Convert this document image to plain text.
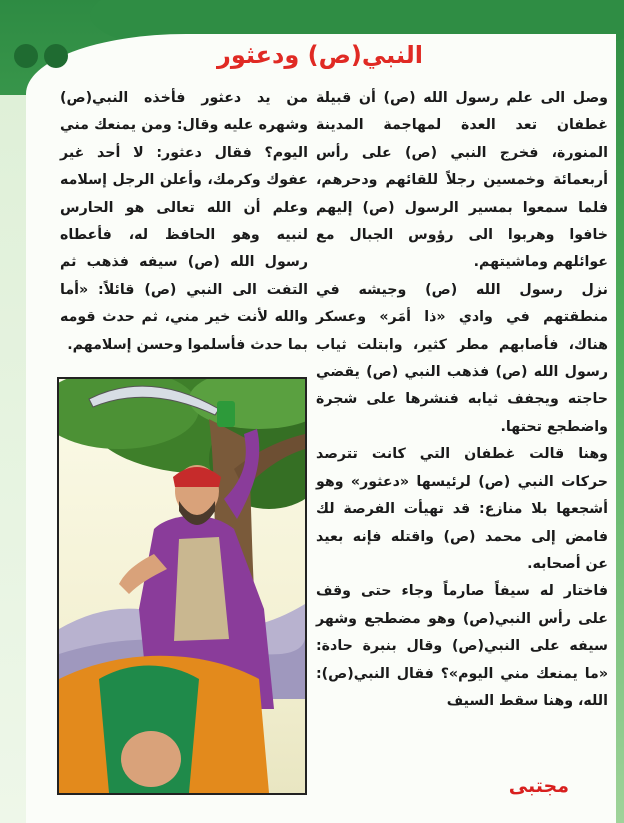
النبي(ص) ودعثور

وصل الى علم رسول الله (ص) أن قبيلة غطفان تعد العدة لمهاجمة المدينة المنورة، فخرج النبي (ص) على رأس أربعمائة وخمسين رجلاً للقائهم ودحرهم، فلما سمعوا بمسير الرسول (ص) إليهم خافوا وهربوا الى رؤوس الجبال مع عوائلهم وماشيتهم.

نزل رسول الله (ص) وجيشه في منطقتهم في وادي «ذا أمَر» وعسكر هناك، فأصابهم مطر كثير، وابتلت ثياب رسول الله (ص) فذهب النبي (ص) يقضي حاجته ويجفف ثيابه فنشرها على شجرة واضطجع تحتها.

وهنا قالت غطفان التي كانت تترصد حركات النبي (ص) لرئيسها «دعثور» وهو أشجعها بلا منازع: قد تهيأت الفرصة لك فامض إلى محمد (ص) واقتله فإنه بعيد عن أصحابه.

فاختار له سيفاً صارماً وجاء حتى وقف على رأس النبي(ص) وهو مضطجع وشهر سيفه على النبي(ص) وقال بنبرة حادة: «ما يمنعك مني اليوم»؟ فقال النبي(ص): الله، وهنا سقط السيف

من يد دعثور فأخذه النبي(ص) وشهره عليه وقال: ومن يمنعك مني اليوم؟ فقال دعثور: لا أحد غير عفوك وكرمك، وأعلن الرجل إسلامه وعلم أن الله تعالى هو الحارس لنبيه وهو الحافظ له، فأعطاه رسول الله (ص) سيفه فذهب ثم التفت الى النبي (ص) قائلاً: «أما والله لأنت خير مني، ثم حدث قومه بما حدث فأسلموا وحسن إسلامهم.

مجتبى
